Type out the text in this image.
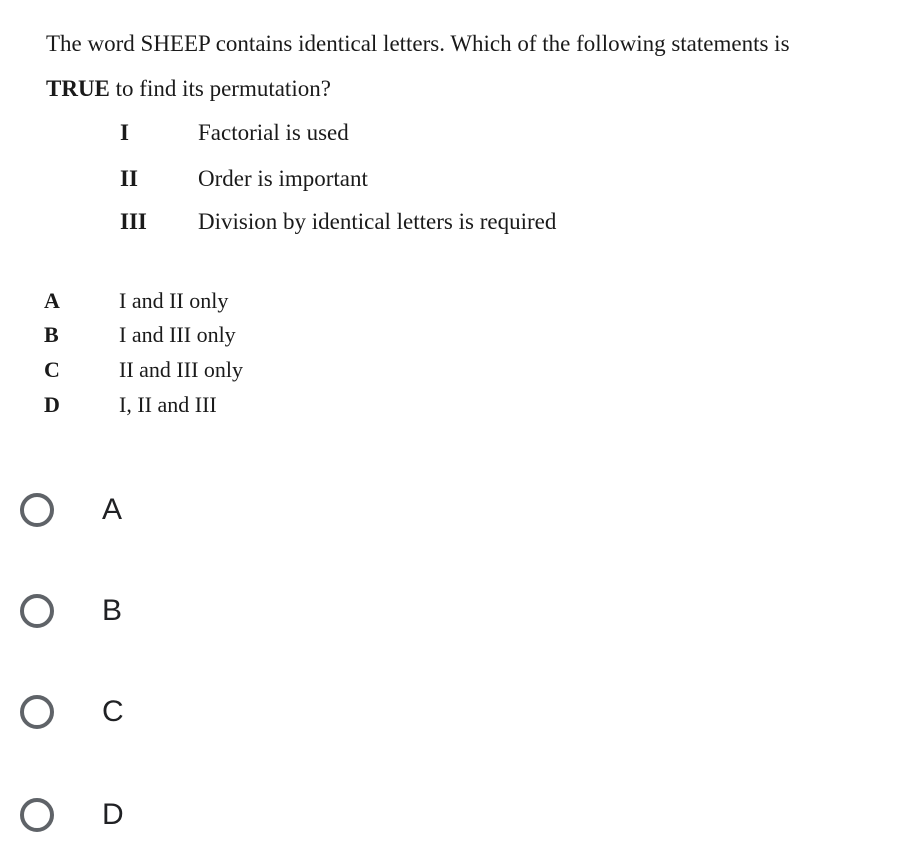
The word SHEEP contains identical letters. Which of the following statements is
TRUE to find its permutation?
I	Factorial is used
II	Order is important
III Division by identical letters is required
A	I and II only
B	I and III only
C	II and III only
D	I, II and III
A
B
C
D
